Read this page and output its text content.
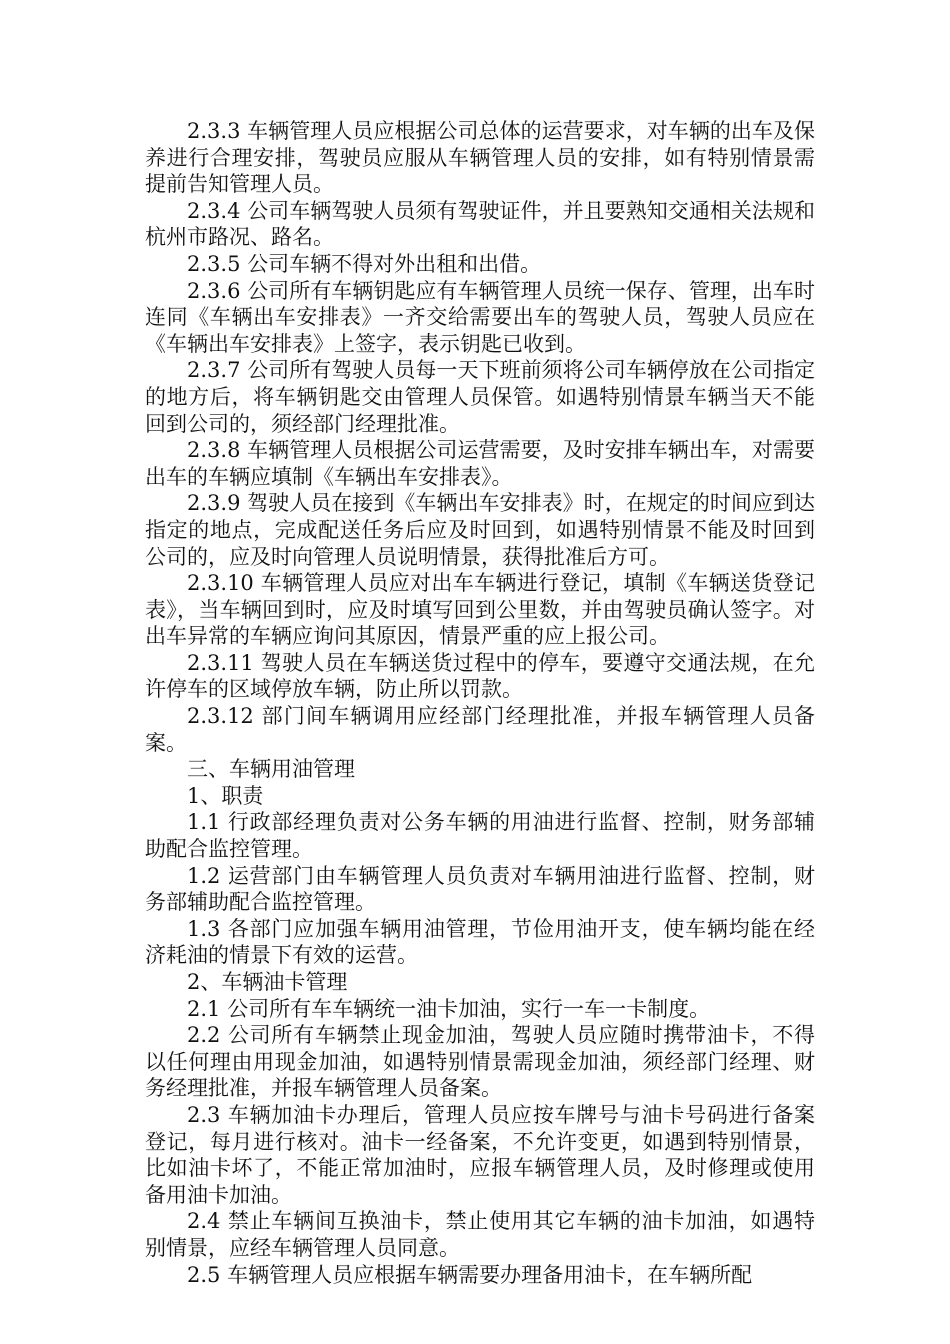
2.3.3 车辆管理人员应根据公司总体的运营要求，对车辆的出车及保养进行合理安排，驾驶员应服从车辆管理人员的安排，如有特别情景需提前告知管理人员。

2.3.4 公司车辆驾驶人员须有驾驶证件，并且要熟知交通相关法规和杭州市路况、路名。

2.3.5 公司车辆不得对外出租和出借。

2.3.6 公司所有车辆钥匙应有车辆管理人员统一保存、管理，出车时连同《车辆出车安排表》一齐交给需要出车的驾驶人员，驾驶人员应在《车辆出车安排表》上签字，表示钥匙已收到。

2.3.7 公司所有驾驶人员每一天下班前须将公司车辆停放在公司指定的地方后，将车辆钥匙交由管理人员保管。如遇特别情景车辆当天不能回到公司的，须经部门经理批准。

2.3.8 车辆管理人员根据公司运营需要，及时安排车辆出车，对需要出车的车辆应填制《车辆出车安排表》。

2.3.9 驾驶人员在接到《车辆出车安排表》时，在规定的时间应到达指定的地点，完成配送任务后应及时回到，如遇特别情景不能及时回到公司的，应及时向管理人员说明情景，获得批准后方可。

2.3.10 车辆管理人员应对出车车辆进行登记，填制《车辆送货登记表》，当车辆回到时，应及时填写回到公里数，并由驾驶员确认签字。对出车异常的车辆应询问其原因，情景严重的应上报公司。

2.3.11 驾驶人员在车辆送货过程中的停车，要遵守交通法规，在允许停车的区域停放车辆，防止所以罚款。

2.3.12 部门间车辆调用应经部门经理批准，并报车辆管理人员备案。

三、车辆用油管理

1、职责

1.1 行政部经理负责对公务车辆的用油进行监督、控制，财务部辅助配合监控管理。

1.2 运营部门由车辆管理人员负责对车辆用油进行监督、控制，财务部辅助配合监控管理。

1.3 各部门应加强车辆用油管理，节俭用油开支，使车辆均能在经济耗油的情景下有效的运营。

2、车辆油卡管理

2.1 公司所有车车辆统一油卡加油，实行一车一卡制度。

2.2 公司所有车辆禁止现金加油，驾驶人员应随时携带油卡，不得以任何理由用现金加油，如遇特别情景需现金加油，须经部门经理、财务经理批准，并报车辆管理人员备案。

2.3 车辆加油卡办理后，管理人员应按车牌号与油卡号码进行备案登记，每月进行核对。油卡一经备案，不允许变更，如遇到特别情景，比如油卡坏了，不能正常加油时，应报车辆管理人员，及时修理或使用备用油卡加油。

2.4 禁止车辆间互换油卡，禁止使用其它车辆的油卡加油，如遇特别情景，应经车辆管理人员同意。

2.5 车辆管理人员应根据车辆需要办理备用油卡，在车辆所配
